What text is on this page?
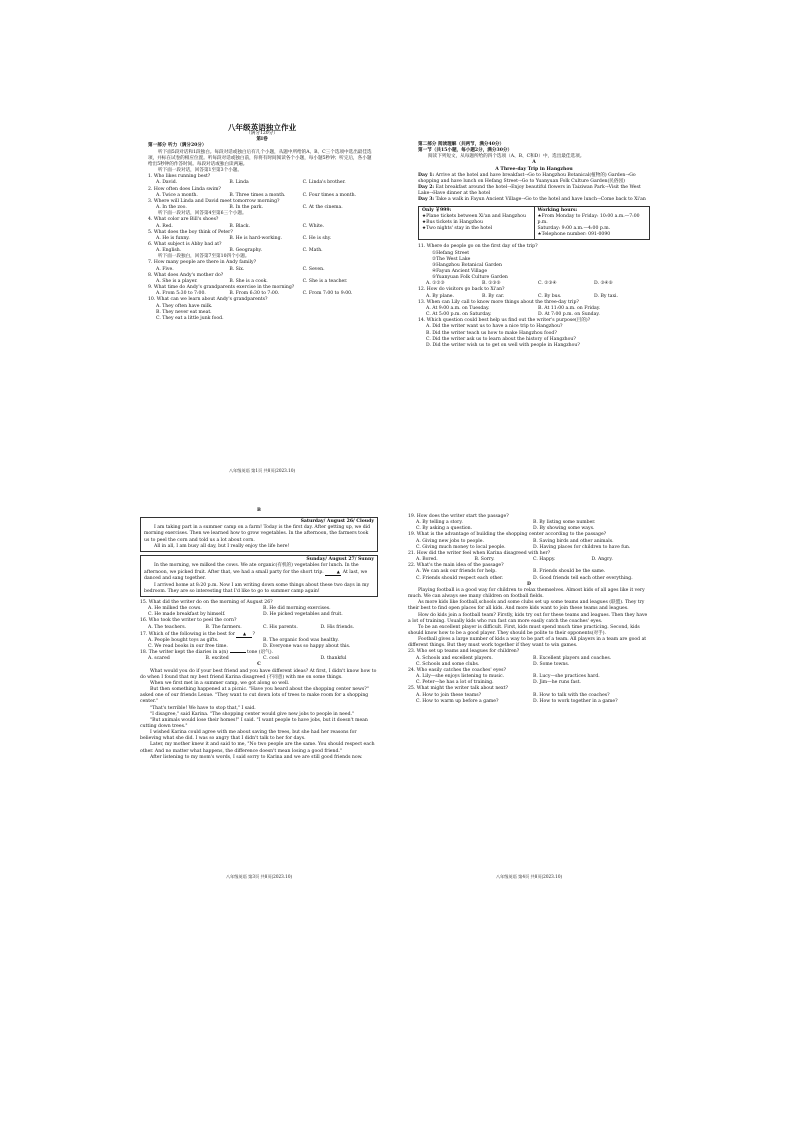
八年级英语独立作业

（满分120分）

第Ⅰ卷

第一部分 听力（满分20分）

听下面5段对话和1段独白。每段对话或独白后有几个小题，从题中所给的A、B、C三个选项中选出最佳选项，并标在试卷的相应位置。听每段对话或独白前，你将有时间阅读各个小题，每小题5秒钟；听完后，各小题给出5秒钟的作答时间。每段对话或独白读两遍。

听下面一段对话，回答第1至第3个小题。

1. Who likes running best?

A. David.	B. Linda	C. Linda's brother.

2. How often does Linda swim?

A. Twice a month.	B. Three times a month.	C. Four times a month.

3. Where will Linda and David meet tomorrow morning?

A. In the zoo.	B. In the park.	C. At the cinema.

听下面一段对话，回答第4至第6三个小题。

4. What color are Bill's shoes?

A. Red.	B. Black.	C. White.

5. What does the boy think of Peter?

A. He is funny.	B. He is hard-working.	C. He is shy.

6. What subject is Abby bad at?

A. English.	B. Geography.	C. Math.

听下面一段独白，回答第7至第10四个小题。

7. How many people are there in Andy family?

A. Five.	B. Six.	C. Seven.

8. What does Andy's mother do?

A. She is a player.	B. She is a cook.	C. She is a teacher.

9. What time do Andy's grandparents exercise in the morning?

A. From 5:30 to 7:00.	B. From 6:30 to 7:00.	C. From 7:00 to 9:00.

10. What can we learn about Andy's grandparents?

A. They often have milk.

B. They never eat meat.

C. They eat a little junk food.

八年级英语 第1页 共8页(2023.10)

第二部分 阅读理解（共两节，满分40分）

第一节（共15小题，每小题2分，满分30分）

阅读下列短文，从每题所给的四个选项（A、B、C和D）中，选出最佳选项。

A

A Three-day Trip in Hangzhou

Day 1: Arrive at the hotel and have breakfast→Go to Hangzhou Botanical(植物的) Garden→Go shopping and have lunch on Hefang Street→Go to Yuanyuan Folk Culture Garden(民俗园)

Day 2: Eat breakfast around the hotel→Enjoy beautiful flowers in Taiziwan Park→Visit the West Lake→Have dinner at the hotel

Day 3: Take a walk in Fayun Ancient Village→Go to the hotel and have lunch→Come back to Xi'an

Only ￥999:

★Plane tickets between Xi'an and Hangzhou

★Bus tickets in Hangzhou

★Two nights' stay in the hotel

Working hours:

★From Monday to Friday: 10:00 a.m.—7:00 p.m.

Saturday: 9:00 a.m.—4:00 p.m.

★Telephone number: 091-0090

11. Where do people go on the first day of the trip?

①Hefang Street

②The West Lake

③Hangzhou Botanical Garden

④Fayun Ancient Village

⑤Yuanyuan Folk Culture Garden

A. ①②③	B. ①③⑤	C. ②③④	D. ③④⑤

12. How do visitors go back to Xi'an?

A. By plane.	B. By car.	C. By bus.	D. By taxi.

13. When can Lily call to know more things about the three-day trip?

A. At 9:00 a.m. on Tuesday.	B. At 11:00 a.m. on Friday.
C. At 5:00 p.m. on Saturday.	D. At 7:00 p.m. on Sunday.

14. Which question could best help us find out the writer's purpose(目的)?

A. Did the writer want us to have a nice trip to Hangzhou?

B. Did the writer teach us how to make Hangzhou food?

C. Did the writer ask us to learn about the history of Hangzhou?

D. Did the writer wish us to get on well with people in Hangzhou?

B

Saturday/ August 26/ Cloudy

I am taking part in a summer camp on a farm! Today is the first day. After getting up, we did morning exercises. Then we learned how to grow vegetables. In the afternoon, the farmers took us to peel the corn and told us a lot about corn.

All in all, I am busy all day, but I really enjoy the life here!

Sunday/ August 27/ Sunny

In the morning, we milked the cows. We ate organic(有机的) vegetables for lunch. In the afternoon, we picked fruit. After that, we had a small party for the short trip.	▲ At last, we danced and sang together.

I arrived home at 8:20 p.m. Now I am writing down some things about these two days in my bedroom. They are so interesting that I'd like to go to summer camp again!

15. What did the writer do on the morning of August 26?

A. He milked the cows.	B. He did morning exercises.
C. He made breakfast by himself.	D. He picked vegetables and fruit.

16. Who took the writer to peel the corn?

A. The teachers.	B. The farmers.	C. His parents.	D. His friends.

17. Which of the following is the best for ▲ ?

A. People bought toys as gifts.	B. The organic food was healthy.
C. We read books in our free time.	D. Everyone was so happy about this.

18. The writer kept the diaries in a(n)	tone (语气).

A. scared	B. excited	C. cool	D. thankful

C

What would you do if your best friend and you have different ideas? At first, I didn't know how to do when I found that my best friend Karina disagreed (不同意) with me on some things.

When we first met in a summer camp, we got along so well.

But then something happened at a picnic. "Have you heard about the shopping center news?" asked one of our friends Lexue. "They want to cut down lots of trees to make room for a shopping center."

"That's terrible! We have to stop that," I said.

"I disagree," said Karina. "The shopping center would give new jobs to people in need."

"But animals would lose their homes!" I said. "I want people to have jobs, but it doesn't mean cutting down trees."

I wished Karina could agree with me about saving the trees, but she had her reasons for believing what she did. I was so angry that I didn't talk to her for days.

Later, my mother knew it and said to me, "No two people are the same. You should respect each other. And no matter what happens, the difference doesn't mean losing a good friend."

After listening to my mom's words, I said sorry to Karina and we are still good friends now.

八年级英语 第3页 共8页(2023.10)

19. How does the writer start the passage?

A. By telling a story.	B. By listing some number.
C. By asking a question.	D. By showing some ways.

19. What is the advantage of building the shopping center according to the passage?

A. Giving new jobs to people.	B. Saving birds and other animals.
C. Giving much money to local people.	D. Having places for children to have fun.

21. How did the writer feel when Karina disagreed with her?

A. Bored.	B. Sorry.	C. Happy.	D. Angry.

22. What's the main idea of the passage?

A. We can ask our friends for help.	B. Friends should be the same.
C. Friends should respect each other.	D. Good friends tell each other everything.

D

Playing football is a good way for children to relax themselves. Almost kids of all ages like it very much. We can always see many children on football fields.

As more kids like football,schools and some clubs set up some teams and leagues (联盟). They try their best to find open places for all kids. And more kids want to join these teams and leagues.

How do kids join a football team? Firstly, kids try out for these teams and leagues. Then they have a lot of training. Usually kids who run fast can more easily catch the coaches' eyes.

To be an excellent player is difficult. First, kids must spend much time practicing. Second, kids should know how to be a good player. They should be polite to their opponents(对手).

Football gives a large number of kids a way to be part of a team. All players in a team are good at different things. But they must work together if they want to win games.

23. Who set up teams and leagues for children?

A. Schools and excellent players.	B. Excellent players and coaches.
C. Schools and some clubs.	D. Some towns.

24. Who easily catches the coaches' eyes?

A. Lily—she enjoys listening to music.	B. Lucy—she practices hard.
C. Peter—he has a lot of training.	D. Jim—he runs fast.

25. What might the writer talk about next?

A. How to join these teams?	B. How to talk with the coaches?
C. How to warm up before a game?	D. How to work together in a game?
八年级英语 第4页 共8页(2023.10)
